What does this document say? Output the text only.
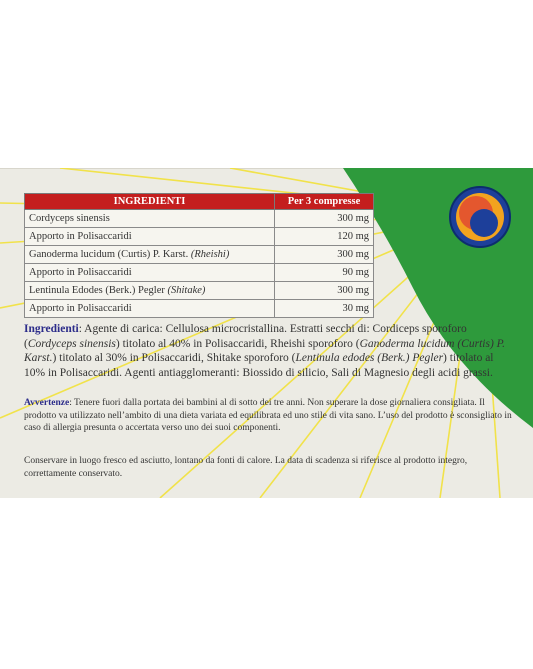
INGREDIENTI	Per 3 compresse
Cordyceps sinensis	300 mg
Apporto in Polisaccaridi	120 mg
Ganoderma lucidum (Curtis) P. Karst. (Rheishi)	300 mg
Apporto in Polisaccaridi	90 mg
Lentinula Edodes (Berk.) Pegler (Shitake)	300 mg
Apporto in Polisaccaridi	30 mg
Ingredienti: Agente di carica: Cellulosa microcristallina. Estratti secchi di: Cordiceps sporoforo (Cordyceps sinensis) titolato al 40% in Polisaccaridi, Rheishi sporoforo (Ganoderma lucidum (Curtis) P. Karst.) titolato al 30% in Polisaccaridi, Shitake sporoforo (Lentinula edodes (Berk.) Pegler) titolato al 10% in Polisaccaridi. Agenti antiagglomeranti: Biossido di silicio, Sali di Magnesio degli acidi grassi.
Avvertenze: Tenere fuori dalla portata dei bambini al di sotto dei tre anni. Non superare la dose giornaliera consigliata. Il prodotto va utilizzato nell’ambito di una dieta variata ed equilibrata ed uno stile di vita sano. L’uso del prodotto è sconsigliato in caso di allergia presunta o accertata verso uno dei suoi componenti.
Conservare in luogo fresco ed asciutto, lontano da fonti di calore. La data di scadenza si riferisce al prodotto integro, correttamente conservato.
